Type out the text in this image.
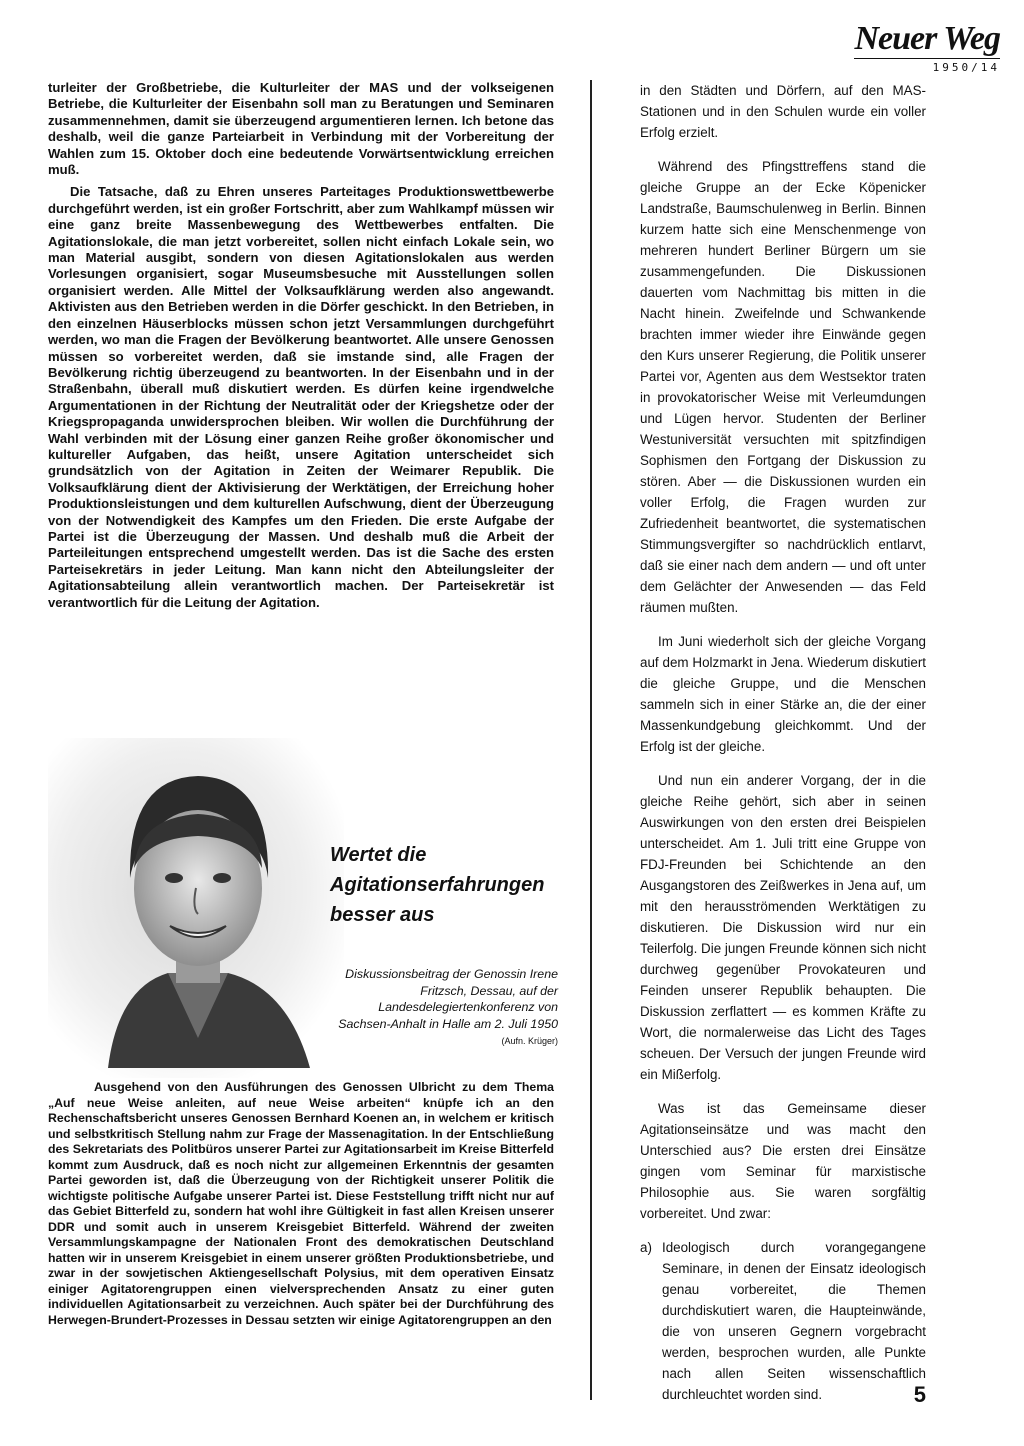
Neuer Weg
1950/14

turleiter der Großbetriebe, die Kulturleiter der MAS und der volkseigenen Betriebe, die Kulturleiter der Eisenbahn soll man zu Beratungen und Seminaren zusammennehmen, damit sie überzeugend argumentieren lernen. Ich betone das deshalb, weil die ganze Parteiarbeit in Verbindung mit der Vorbereitung der Wahlen zum 15. Oktober doch eine bedeutende Vorwärtsentwicklung erreichen muß.

Die Tatsache, daß zu Ehren unseres Parteitages Produktionswettbewerbe durchgeführt werden, ist ein großer Fortschritt, aber zum Wahlkampf müssen wir eine ganz breite Massenbewegung des Wettbewerbes entfalten. Die Agitationslokale, die man jetzt vorbereitet, sollen nicht einfach Lokale sein, wo man Material ausgibt, sondern von diesen Agitationslokalen aus werden Vorlesungen organisiert, sogar Museumsbesuche mit Ausstellungen sollen organisiert werden. Alle Mittel der Volksaufklärung werden also angewandt. Aktivisten aus den Betrieben werden in die Dörfer geschickt. In den Betrieben, in den einzelnen Häuserblocks müssen schon jetzt Versammlungen durchgeführt werden, wo man die Fragen der Bevölkerung beantwortet. Alle unsere Genossen müssen so vorbereitet werden, daß sie imstande sind, alle Fragen der Bevölkerung richtig überzeugend zu beantworten. In der Eisenbahn und in der Straßenbahn, überall muß diskutiert werden. Es dürfen keine irgendwelche Argumentationen in der Richtung der Neutralität oder der Kriegshetze oder der Kriegspropaganda unwidersprochen bleiben. Wir wollen die Durchführung der Wahl verbinden mit der Lösung einer ganzen Reihe großer ökonomischer und kultureller Aufgaben, das heißt, unsere Agitation unterscheidet sich grundsätzlich von der Agitation in Zeiten der Weimarer Republik. Die Volksaufklärung dient der Aktivisierung der Werktätigen, der Erreichung hoher Produktionsleistungen und dem kulturellen Aufschwung, dient der Überzeugung von der Notwendigkeit des Kampfes um den Frieden. Die erste Aufgabe der Partei ist die Überzeugung der Massen. Und deshalb muß die Arbeit der Parteileitungen entsprechend umgestellt werden. Das ist die Sache des ersten Parteisekretärs in jeder Leitung. Man kann nicht den Abteilungsleiter der Agitationsabteilung allein verantwortlich machen. Der Parteisekretär ist verantwortlich für die Leitung der Agitation.

Wertet die
Agitationserfahrungen
besser aus
Diskussionsbeitrag der Genossin Irene Fritzsch, Dessau, auf der Landesdelegiertenkonferenz von Sachsen-Anhalt in Halle am 2. Juli 1950 (Aufn. Krüger)

Ausgehend von den Ausführungen des Genossen Ulbricht zu dem Thema „Auf neue Weise anleiten, auf neue Weise arbeiten“ knüpfe ich an den Rechenschaftsbericht unseres Genossen Bernhard Koenen an, in welchem er kritisch und selbstkritisch Stellung nahm zur Frage der Massenagitation. In der Entschließung des Sekretariats des Politbüros unserer Partei zur Agitationsarbeit im Kreise Bitterfeld kommt zum Ausdruck, daß es noch nicht zur allgemeinen Erkenntnis der gesamten Partei geworden ist, daß die Überzeugung von der Richtigkeit unserer Politik die wichtigste politische Aufgabe unserer Partei ist. Diese Feststellung trifft nicht nur auf das Gebiet Bitterfeld zu, sondern hat wohl ihre Gültigkeit in fast allen Kreisen unserer DDR und somit auch in unserem Kreisgebiet Bitterfeld. Während der zweiten Versammlungskampagne der Nationalen Front des demokratischen Deutschland hatten wir in unserem Kreisgebiet in einem unserer größten Produktionsbetriebe, und zwar in der sowjetischen Aktiengesellschaft Polysius, mit dem operativen Einsatz einiger Agitatorengruppen einen vielversprechenden Ansatz zu einer guten individuellen Agitationsarbeit zu verzeichnen. Auch später bei der Durchführung des Herwegen-Brundert-Prozesses in Dessau setzten wir einige Agitatorengruppen an den

in den Städten und Dörfern, auf den MAS-Stationen und in den Schulen wurde ein voller Erfolg erzielt.

Während des Pfingsttreffens stand die gleiche Gruppe an der Ecke Köpenicker Landstraße, Baumschulenweg in Berlin. Binnen kurzem hatte sich eine Menschenmenge von mehreren hundert Berliner Bürgern um sie zusammengefunden. Die Diskussionen dauerten vom Nachmittag bis mitten in die Nacht hinein. Zweifelnde und Schwankende brachten immer wieder ihre Einwände gegen den Kurs unserer Regierung, die Politik unserer Partei vor, Agenten aus dem Westsektor traten in provokatorischer Weise mit Verleumdungen und Lügen hervor. Studenten der Berliner Westuniversität versuchten mit spitzfindigen Sophismen den Fortgang der Diskussion zu stören. Aber — die Diskussionen wurden ein voller Erfolg, die Fragen wurden zur Zufriedenheit beantwortet, die systematischen Stimmungsvergifter so nachdrücklich entlarvt, daß sie einer nach dem andern — und oft unter dem Gelächter der Anwesenden — das Feld räumen mußten.

Im Juni wiederholt sich der gleiche Vorgang auf dem Holzmarkt in Jena. Wiederum diskutiert die gleiche Gruppe, und die Menschen sammeln sich in einer Stärke an, die der einer Massenkundgebung gleichkommt. Und der Erfolg ist der gleiche.

Und nun ein anderer Vorgang, der in die gleiche Reihe gehört, sich aber in seinen Auswirkungen von den ersten drei Beispielen unterscheidet. Am 1. Juli tritt eine Gruppe von FDJ-Freunden bei Schichtende an den Ausgangstoren des Zeißwerkes in Jena auf, um mit den herausströmenden Werktätigen zu diskutieren. Die Diskussion wird nur ein Teilerfolg. Die jungen Freunde können sich nicht durchweg gegenüber Provokateuren und Feinden unserer Republik behaupten. Die Diskussion zerflattert — es kommen Kräfte zu Wort, die normalerweise das Licht des Tages scheuen. Der Versuch der jungen Freunde wird ein Mißerfolg.

Was ist das Gemeinsame dieser Agitationseinsätze und was macht den Unterschied aus? Die ersten drei Einsätze gingen vom Seminar für marxistische Philosophie aus. Sie waren sorgfältig vorbereitet. Und zwar:

a) Ideologisch durch vorangegangene Seminare, in denen der Einsatz ideologisch genau vorbereitet, die Themen durchdiskutiert waren, die Haupteinwände, die von unseren Gegnern vorgebracht werden, besprochen wurden, alle Punkte nach allen Seiten wissenschaftlich durchleuchtet worden sind.	5
